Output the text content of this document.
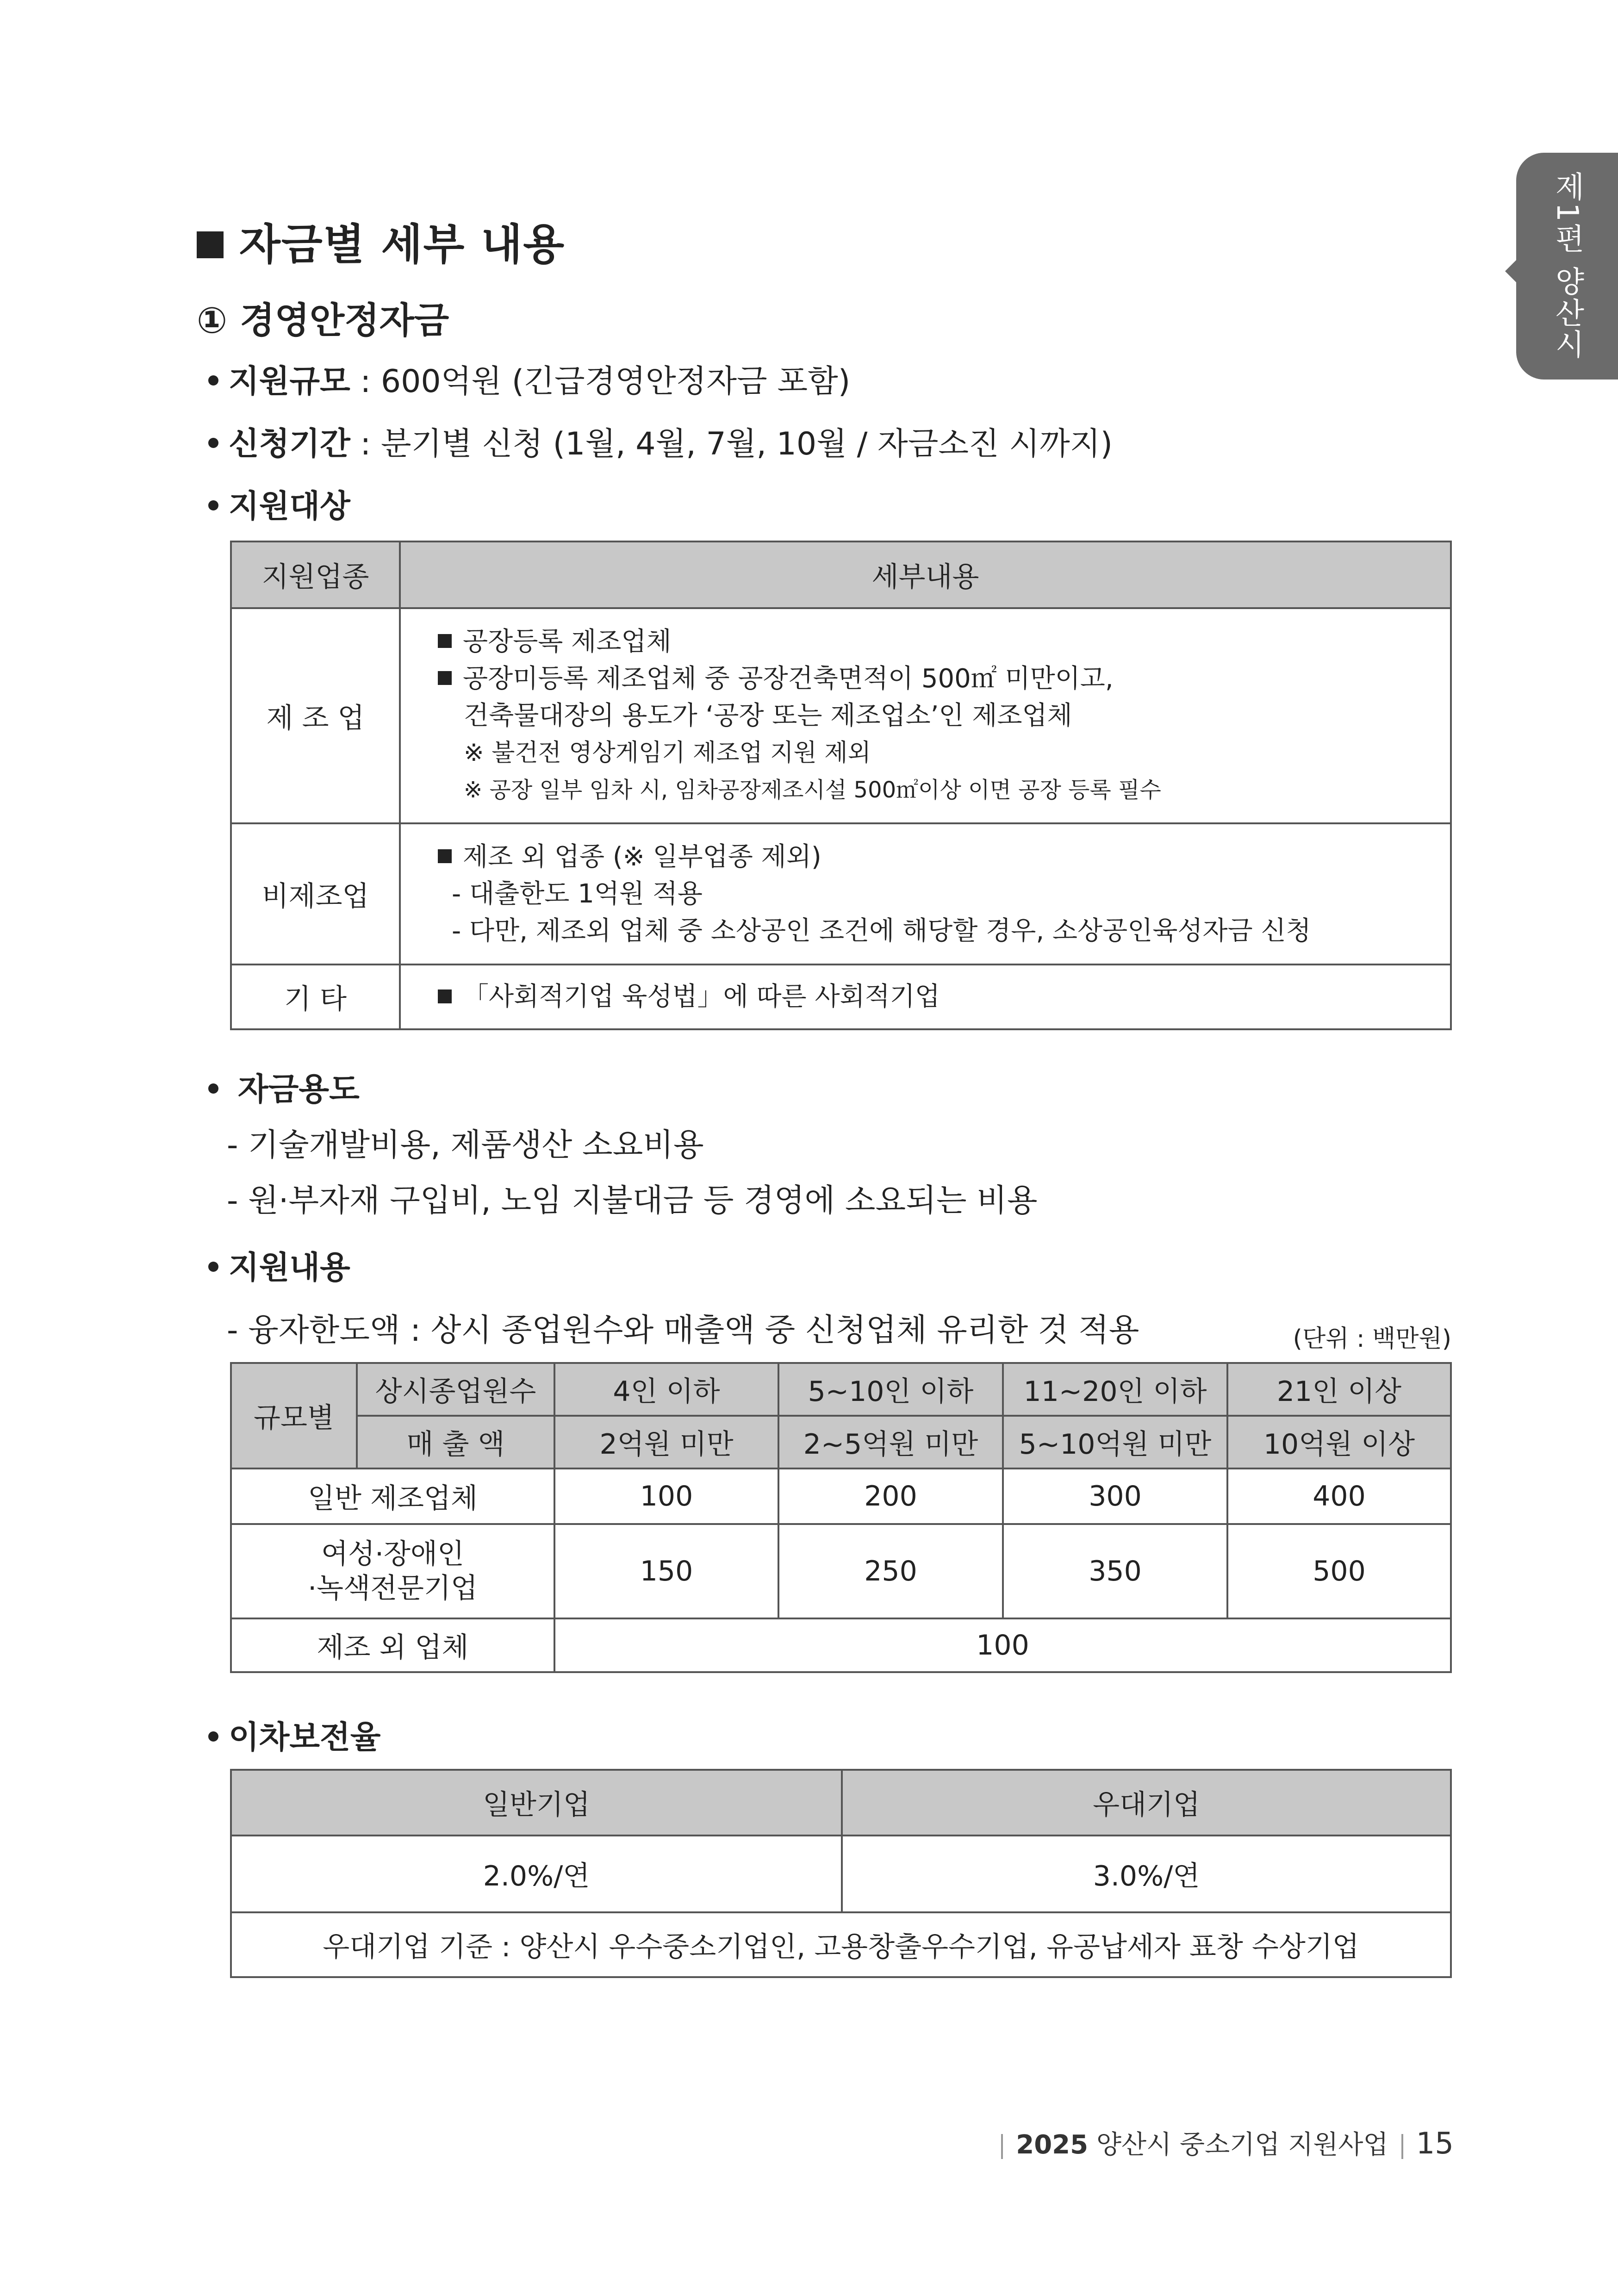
제1편 양산시
자금별 세부 내용
① 경영안정자금
지원규모 : 600억원 (긴급경영안정자금 포함)
신청기간 : 분기별 신청 (1월, 4월, 7월, 10월 / 자금소진 시까지)
지원대상
지원업종	세부내용
제 조 업	공장등록 제조업체
공장미등록 제조업체 중 공장건축면적이 500㎡ 미만이고,
건축물대장의 용도가 ‘공장 또는 제조업소’인 제조업체
※ 불건전 영상게임기 제조업 지원 제외
※ 공장 일부 임차 시, 임차공장제조시설 500㎡이상 이면 공장 등록 필수

비제조업	제조 외 업종 (※ 일부업종 제외)
- 대출한도 1억원 적용
- 다만, 제조외 업체 중 소상공인 조건에 해당할 경우, 소상공인육성자금 신청

기 타	「사회적기업 육성법」에 따른 사회적기업
자금용도
- 기술개발비용, 제품생산 소요비용
- 원·부자재 구입비, 노임 지불대금 등 경영에 소요되는 비용
지원내용
- 융자한도액 : 상시 종업원수와 매출액 중 신청업체 유리한 것 적용	(단위 : 백만원)
규모별	상시종업원수	4인 이하	5~10인 이하	11~20인 이하	21인 이상
	매 출 액	2억원 미만	2~5억원 미만	5~10억원 미만	10억원 이상
일반 제조업체		100	200	300	400

여성·장애인
·녹색전문기업		150	250	350	500
제조 외 업체		100			
이차보전율
일반기업	우대기업
2.0%/연	3.0%/연
우대기업 기준 : 양산시 우수중소기업인, 고용창출우수기업, 유공납세자 표창 수상기업	
2025 양산시 중소기업 지원사업 15
